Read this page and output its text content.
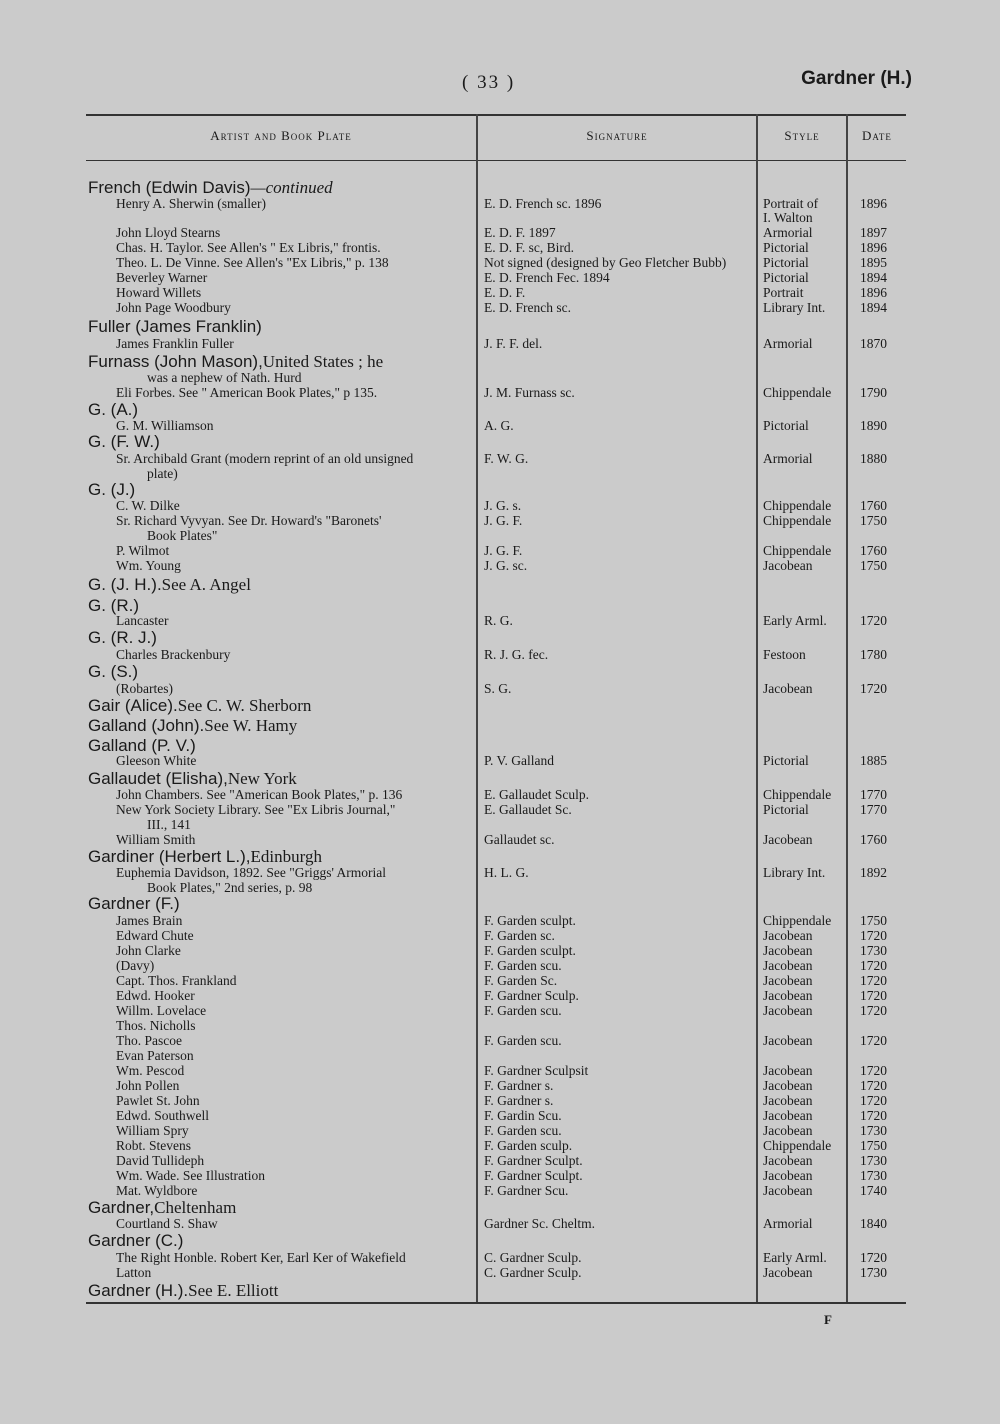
( 33 )	Gardner (H.)
Artist and Book Plate	Signature	Style	Date
French (Edwin Davis)—continued
Henry A. Sherwin (smaller)	E. D. French sc. 1896	Portrait of	1896
I. Walton
John Lloyd Stearns	E. D. F. 1897	Armorial	1897
Chas. H. Taylor. See Allen's " Ex Libris," frontis.	E. D. F. sc, Bird.	Pictorial	1896
Theo. L. De Vinne. See Allen's "Ex Libris," p. 138	Not signed (designed by Geo Fletcher Bubb)	Pictorial	1895
Beverley Warner	E. D. French Fec. 1894	Pictorial	1894
Howard Willets	E. D. F.	Portrait	1896
John Page Woodbury	E. D. French sc.	Library Int.	1894
Fuller (James Franklin)
James Franklin Fuller	J. F. F. del.	Armorial	1870
Furnass (John Mason),United States ; he
was a nephew of Nath. Hurd
Eli Forbes. See " American Book Plates," p 135.	J. M. Furnass sc.	Chippendale 1790
G. (A.)
G. M. Williamson	A. G.	Pictorial	1890
G. (F. W.)
Sr. Archibald Grant (modern reprint of an old unsigned	F. W. G.	Armorial	1880
plate)
G. (J.)
C. W. Dilke	J. G. s.	Chippendale 1760
Sr. Richard Vyvyan. See Dr. Howard's "Baronets'	J. G. F.	Chippendale 1750
Book Plates"
P. Wilmot	J. G. F.	Chippendale 1760
Wm. Young	J. G. sc.	Jacobean	1750
G. (J. H.).See A. Angel
G. (R.)
Lancaster	R. G.	Early Arml. 1720
G. (R. J.)
Charles Brackenbury	R. J. G. fec.	Festoon	1780
G. (S.)
(Robartes)	S. G.	Jacobean	1720
Gair (Alice).See C. W. Sherborn
Galland (John).See W. Hamy
Galland (P. V.)
Gleeson White	P. V. Galland	Pictorial	1885
Gallaudet (Elisha),New York
John Chambers. See "American Book Plates," p. 136	E. Gallaudet Sculp.	Chippendale 1770
New York Society Library. See "Ex Libris Journal,"	E. Gallaudet Sc.	Pictorial	1770
III., 141
William Smith	Gallaudet sc.	Jacobean	1760
Gardiner (Herbert L.),Edinburgh
Euphemia Davidson, 1892. See "Griggs' Armorial	H. L. G.	Library Int.	1892
Book Plates," 2nd series, p. 98
Gardner (F.)
James Brain	F. Garden sculpt.	Chippendale 1750
Edward Chute	F. Garden sc.	Jacobean	1720
John Clarke	F. Garden sculpt.	Jacobean	1730
(Davy)	F. Garden scu.	Jacobean	1720
Capt. Thos. Frankland	F. Garden Sc.	Jacobean	1720
Edwd. Hooker	F. Gardner Sculp.	Jacobean	1720
Willm. Lovelace	F. Garden scu.	Jacobean	1720
Thos. Nicholls
Tho. Pascoe	F. Garden scu.	Jacobean	1720
Evan Paterson
Wm. Pescod	F. Gardner Sculpsit	Jacobean	1720
John Pollen	F. Gardner s.	Jacobean	1720
Pawlet St. John	F. Gardner s.	Jacobean	1720
Edwd. Southwell	F. Gardin Scu.	Jacobean	1720
William Spry	F. Garden scu.	Jacobean	1730
Robt. Stevens	F. Garden sculp.	Chippendale 1750
David Tullideph	F. Gardner Sculpt.	Jacobean	1730
Wm. Wade. See Illustration	F. Gardner Sculpt.	Jacobean	1730
Mat. Wyldbore	F. Gardner Scu.	Jacobean	1740
Gardner,Cheltenham
Courtland S. Shaw	Gardner Sc. Cheltm.	Armorial	1840
Gardner (C.)
The Right Honble. Robert Ker, Earl Ker of Wakefield	C. Gardner Sculp.	Early Arml. 1720
Latton	C. Gardner Sculp.	Jacobean	1730
Gardner (H.).See E. Elliott
F
